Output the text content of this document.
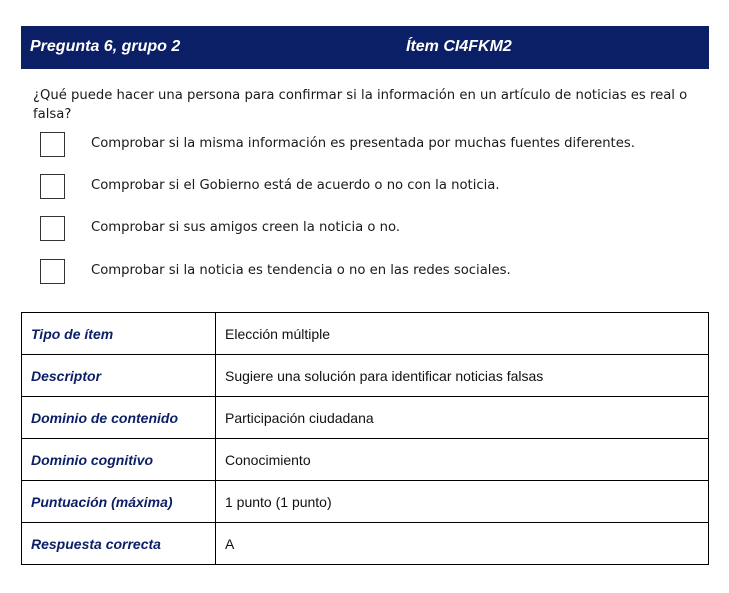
Pregunta 6, grupo 2	Ítem CI4FKM2
¿Qué puede hacer una persona para confirmar si la información en un artículo de noticias es real o falsa?
Comprobar si la misma información es presentada por muchas fuentes diferentes.
Comprobar si el Gobierno está de acuerdo o no con la noticia.
Comprobar si sus amigos creen la noticia o no.
Comprobar si la noticia es tendencia o no en las redes sociales.
Tipo de ítem	Elección múltiple
Descriptor	Sugiere una solución para identificar noticias falsas
Dominio de contenido	Participación ciudadana
Dominio cognitivo	Conocimiento
Puntuación (máxima)	1 punto (1 punto)
Respuesta correcta	A
